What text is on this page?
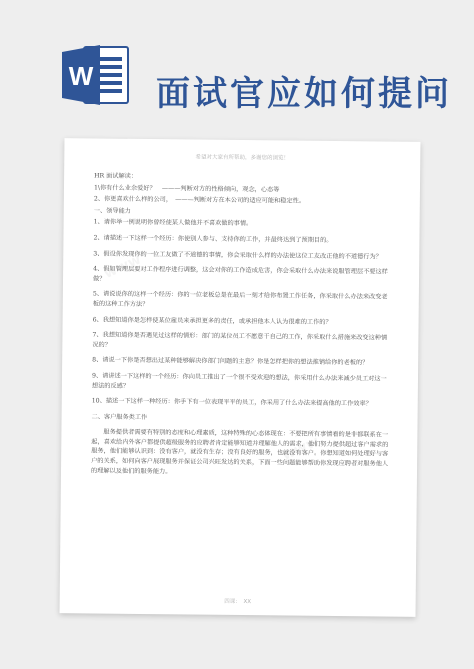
W 面试官应如何提问
希望对大家有所帮助，多谢您的浏览！

HR 面试解读：

1\你有什么业余爱好？　———判断对方的性格倾向，观念，心态等

2、你更喜欢什么样的公司，　———判断对方在本公司的适应可能和稳定性。

一、领导能力

1、请你举一例说明你曾经使某人做他并不喜欢做的事情。

2、请描述一下这样一个经历：你使别人参与、支持你的工作，并最终达到了预期目的。

3、假设你发现你的一位工友做了不道德的事情，你会采取什么样的办法使这位工友改正他的不道德行为？

4、假如管理层要对工作程序进行调整，这会对你的工作造成危害，你会采取什么办法来说服管理层不要这样做？

5、请说说你的这样一个经历：你的一位老板总是在最后一刻才给你布置工作任务，你采取什么办法来改变老板的这种工作方法？

6、我想知道你是怎样使某位雇员来承担更多的责任，或承担他本人认为很难的工作的？

7、我想知道你是否遇见过这样的情形：部门的某位员工不愿意干自己的工作，你采取什么措施来改变这种情况的？

8、请说一下你是否想出过某种能够解决你部门问题的主意？你是怎样把你的想法推销给你的老板的？

9、请讲述一下这样的一个经历：你向员工推出了一个很不受欢迎的想法，你采用什么办法来减少员工对这一想法的反感？

10、描述一下这样一种经历：你手下有一位表现平平的员工，你采用了什么办法来提高他的工作效率？

二、客户服务类工作

服务提供者需要有特别的态度和心理素质，这种特殊的心态体现在：不要把所有事情看的是非都联系在一起，喜欢给内外客户都提供超级服务的应聘者肯定能够知道并理解他人的需求，他们努力提供超过客户需求的服务，他们能够认识到：没有客户，就没有生存；没有良好的服务，也就没有客户。你想知道如何处理好与客户的关系，如何向客户展现服务并保证公司兴旺发达的关系，下面一些问题能够帮助你发现应聘者对服务他人的理解以及他们的服务能力。

四课：　XX
